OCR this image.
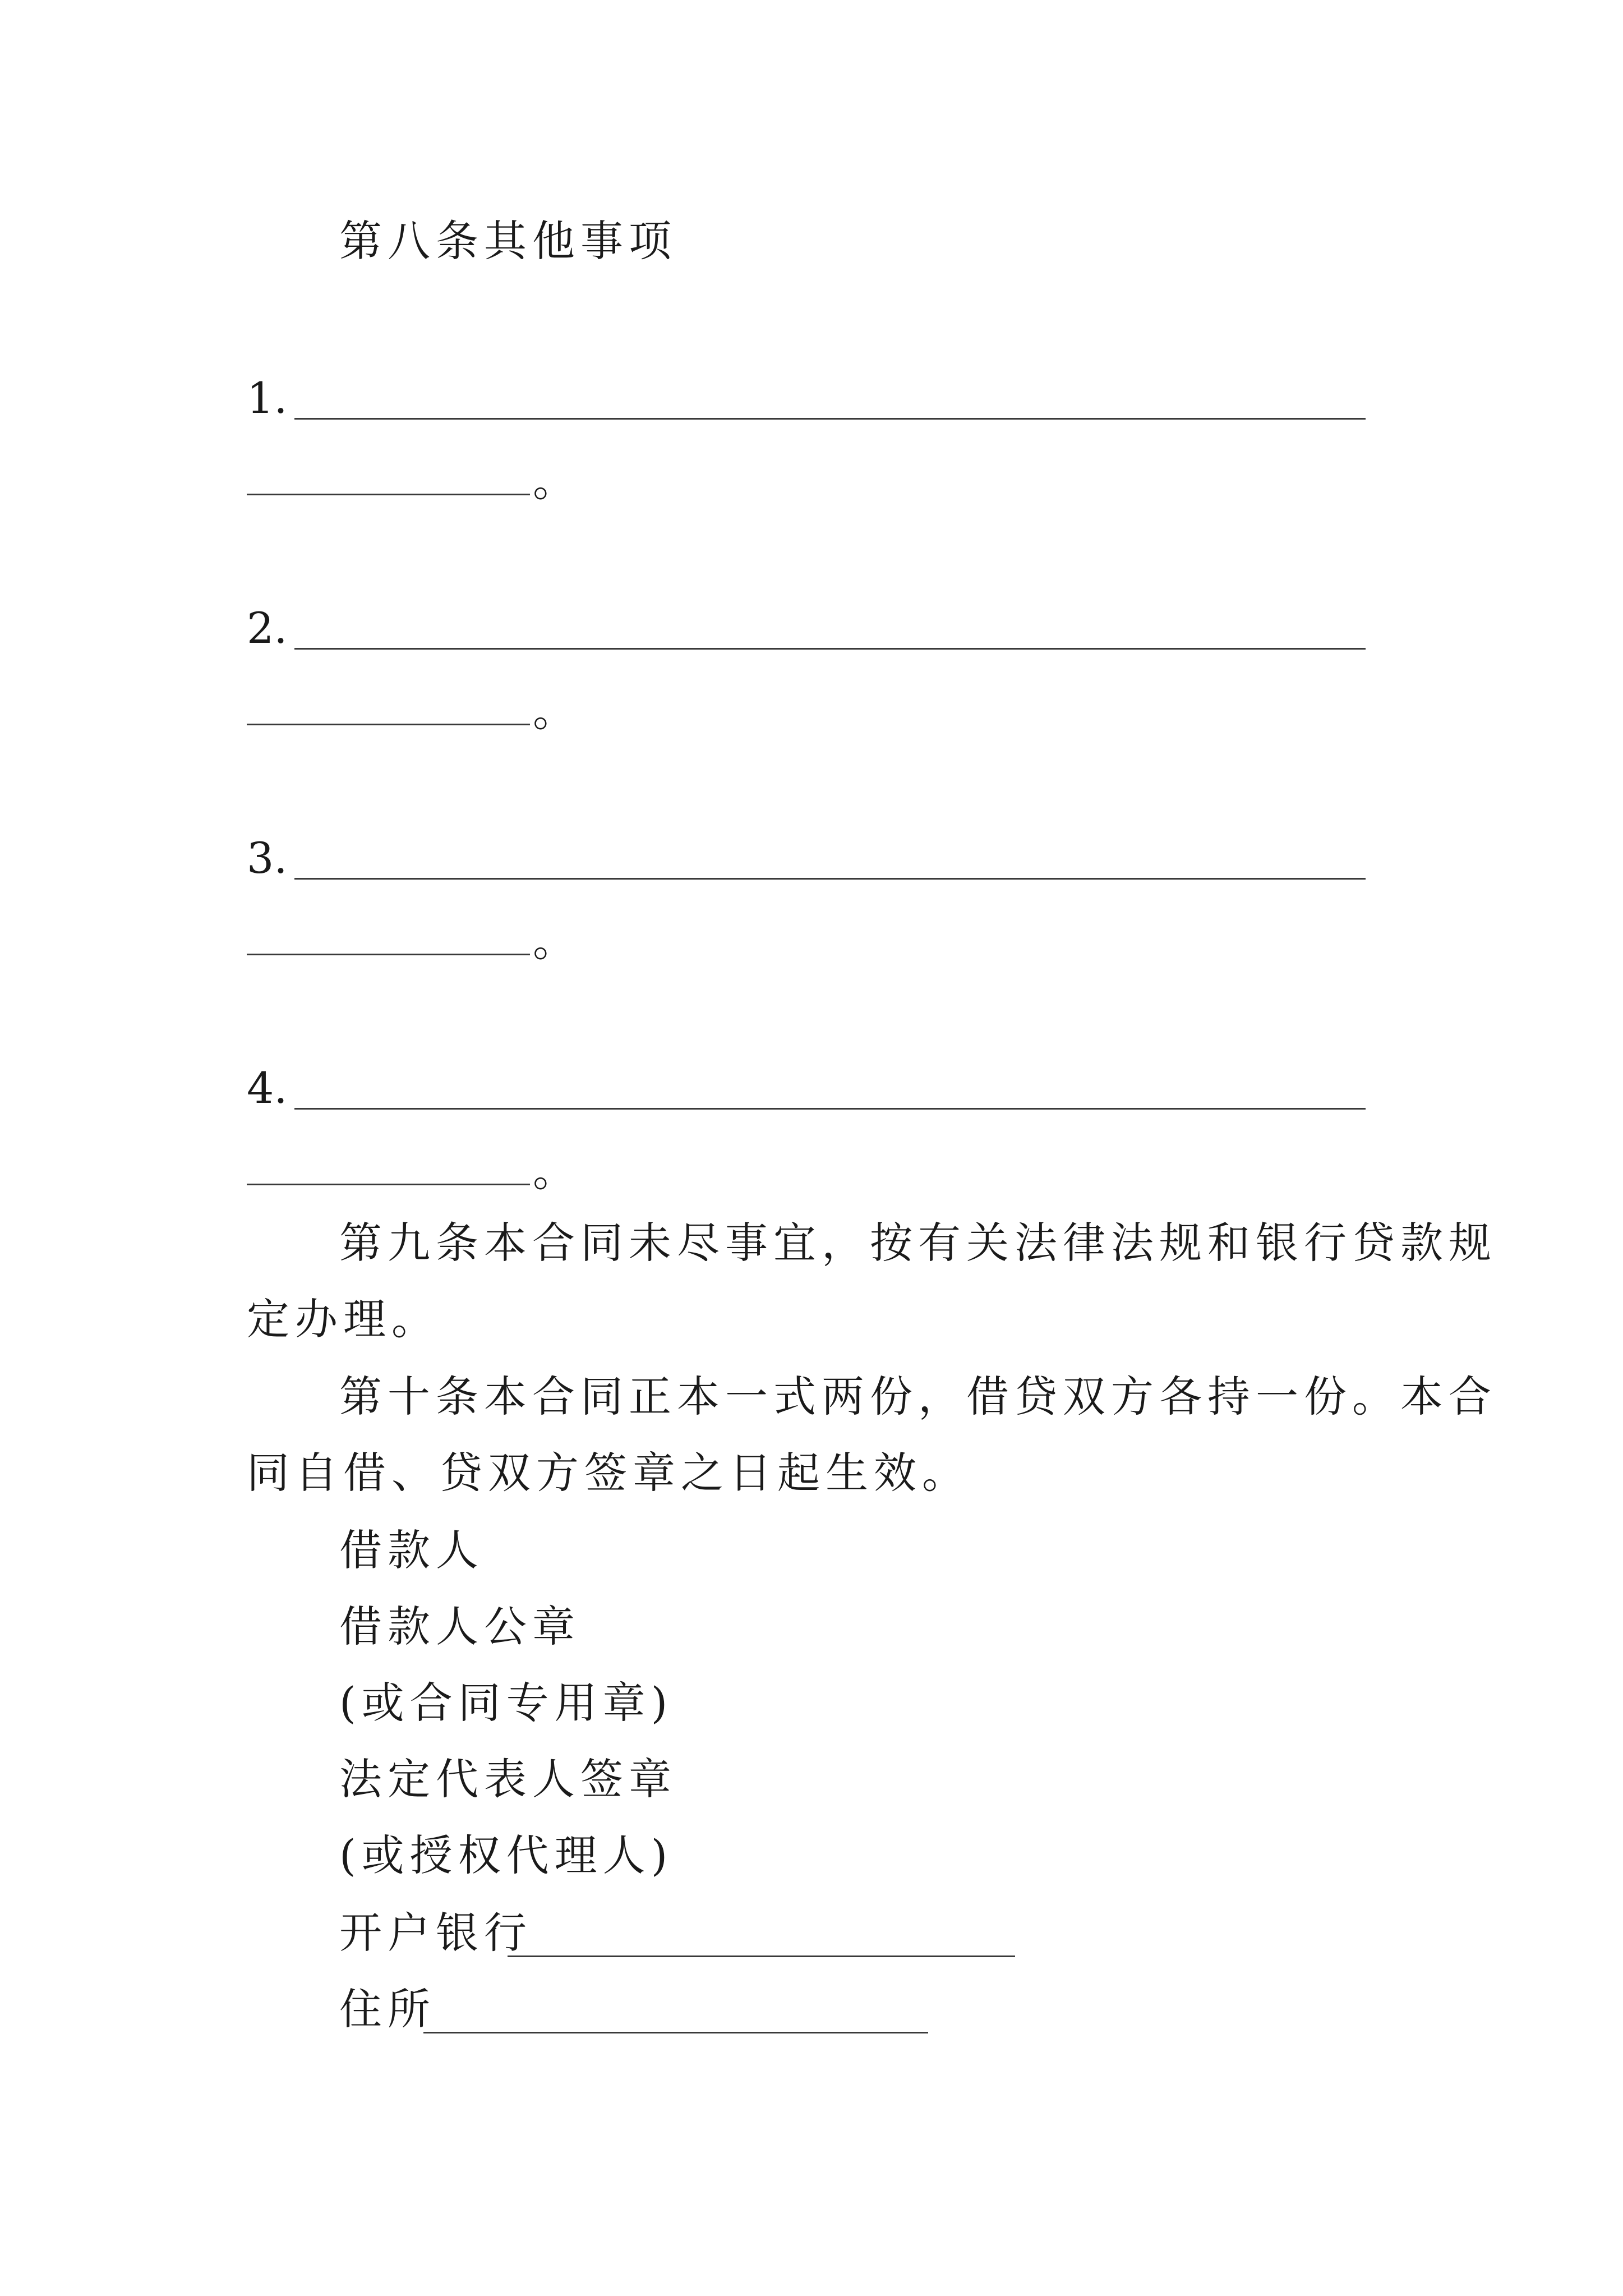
第八条其他事项
1.
。
2.
。
3.
。
4.
。
第九条本合同未尽事宜，按有关法律法规和银行贷款规
定办理。
第十条本合同正本一式两份，借贷双方各持一份。本合
同自借、贷双方签章之日起生效。
借款人
借款人公章
(或合同专用章)
法定代表人签章
(或授权代理人)
开户银行
住所
